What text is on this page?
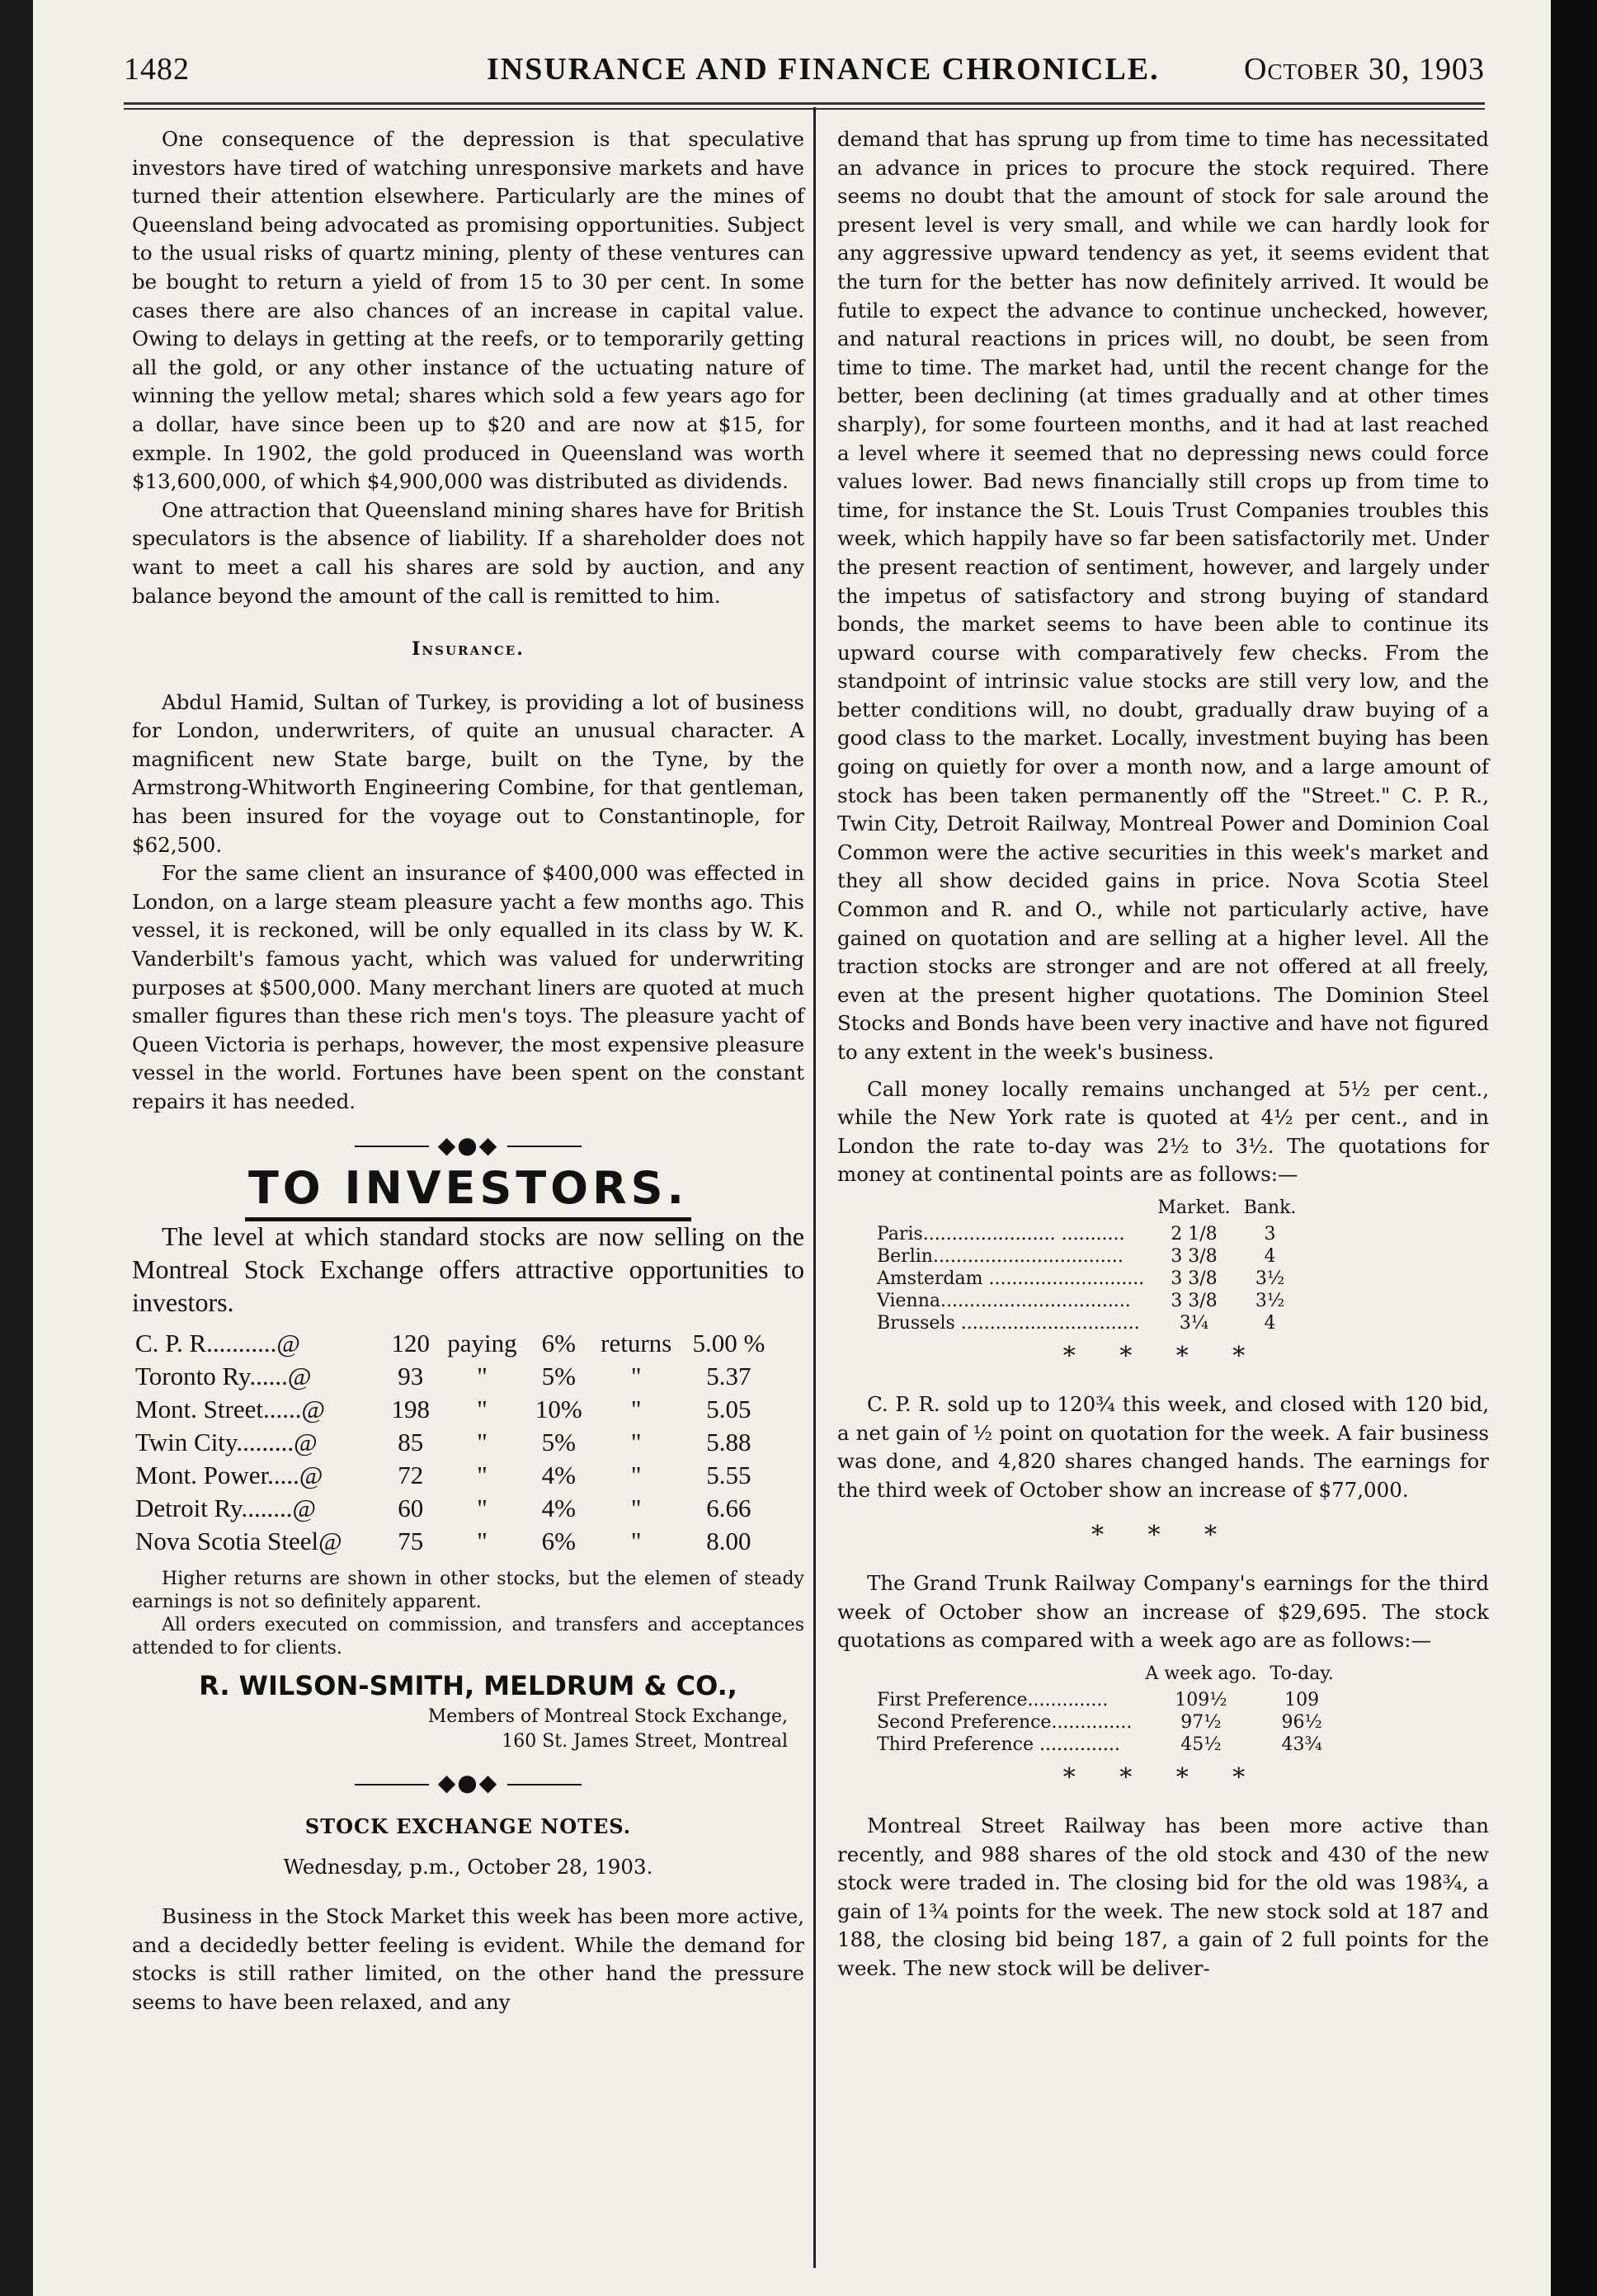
1482	INSURANCE AND FINANCE CHRONICLE.	October 30, 1903

One consequence of the depression is that speculative investors have tired of watching unresponsive markets and have turned their attention elsewhere. Particularly are the mines of Queensland being advocated as promising opportunities. Subject to the usual risks of quartz mining, plenty of these ventures can be bought to return a yield of from 15 to 30 per cent. In some cases there are also chances of an increase in capital value. Owing to delays in getting at the reefs, or to temporarily getting all the gold, or any other instance of the uctuating nature of winning the yellow metal; shares which sold a few years ago for a dollar, have since been up to $20 and are now at $15, for exmple. In 1902, the gold produced in Queensland was worth $13,600,000, of which $4,900,000 was distributed as dividends.

One attraction that Queensland mining shares have for British speculators is the absence of liability. If a shareholder does not want to meet a call his shares are sold by auction, and any balance beyond the amount of the call is remitted to him.

Insurance.

Abdul Hamid, Sultan of Turkey, is providing a lot of business for London, underwriters, of quite an unusual character. A magnificent new State barge, built on the Tyne, by the Armstrong-Whitworth Engineering Combine, for that gentleman, has been insured for the voyage out to Constantinople, for $62,500.

For the same client an insurance of $400,000 was effected in London, on a large steam pleasure yacht a few months ago. This vessel, it is reckoned, will be only equalled in its class by W. K. Vanderbilt's famous yacht, which was valued for underwriting purposes at $500,000. Many merchant liners are quoted at much smaller figures than these rich men's toys. The pleasure yacht of Queen Victoria is perhaps, however, the most expensive pleasure vessel in the world. Fortunes have been spent on the constant repairs it has needed.

◆●◆

TO INVESTORS.

The level at which standard stocks are now selling on the Montreal Stock Exchange offers attractive opportunities to investors.

C. P. R...........@	120	paying	6%	returns	5.00 %
Toronto Ry......@	93	"	5%	"	5.37
Mont. Street......@	198	"	10%	"	5.05
Twin City.........@	85	"	5%	"	5.88
Mont. Power.....@	72	"	4%	"	5.55
Detroit Ry........@	60	"	4%	"	6.66
Nova Scotia Steel@	75	"	6%	"	8.00

Higher returns are shown in other stocks, but the elemen of steady earnings is not so definitely apparent.

All orders executed on commission, and transfers and acceptances attended to for clients.

R. WILSON-SMITH, MELDRUM & CO.,

Members of Montreal Stock Exchange,

160 St. James Street, Montreal

◆●◆

STOCK EXCHANGE NOTES.

Wednesday, p.m., October 28, 1903.

Business in the Stock Market this week has been more active, and a decidedly better feeling is evident. While the demand for stocks is still rather limited, on the other hand the pressure seems to have been relaxed, and any

demand that has sprung up from time to time has necessitated an advance in prices to procure the stock required. There seems no doubt that the amount of stock for sale around the present level is very small, and while we can hardly look for any aggressive upward tendency as yet, it seems evident that the turn for the better has now definitely arrived. It would be futile to expect the advance to continue unchecked, however, and natural reactions in prices will, no doubt, be seen from time to time. The market had, until the recent change for the better, been declining (at times gradually and at other times sharply), for some fourteen months, and it had at last reached a level where it seemed that no depressing news could force values lower. Bad news financially still crops up from time to time, for instance the St. Louis Trust Companies troubles this week, which happily have so far been satisfactorily met. Under the present reaction of sentiment, however, and largely under the impetus of satisfactory and strong buying of standard bonds, the market seems to have been able to continue its upward course with comparatively few checks. From the standpoint of intrinsic value stocks are still very low, and the better conditions will, no doubt, gradually draw buying of a good class to the market. Locally, investment buying has been going on quietly for over a month now, and a large amount of stock has been taken permanently off the "Street." C. P. R., Twin City, Detroit Railway, Montreal Power and Dominion Coal Common were the active securities in this week's market and they all show decided gains in price. Nova Scotia Steel Common and R. and O., while not particularly active, have gained on quotation and are selling at a higher level. All the traction stocks are stronger and are not offered at all freely, even at the present higher quotations. The Dominion Steel Stocks and Bonds have been very inactive and have not figured to any extent in the week's business.

Call money locally remains unchanged at 5½ per cent., while the New York rate is quoted at 4½ per cent., and in London the rate to-day was 2½ to 3½. The quotations for money at continental points are as follows:—

	Market.	Bank.
Paris....................... ...........	2 1/8	3
Berlin.................................	3 3/8	4
Amsterdam ...........................	3 3/8	3½
Vienna.................................	3 3/8	3½
Brussels ...............................	3¼	4

* * * *

C. P. R. sold up to 120¾ this week, and closed with 120 bid, a net gain of ½ point on quotation for the week. A fair business was done, and 4,820 shares changed hands. The earnings for the third week of October show an increase of $77,000.

* * *

The Grand Trunk Railway Company's earnings for the third week of October show an increase of $29,695. The stock quotations as compared with a week ago are as follows:—

	A week ago.	To-day.
First Preference..............	109½	109
Second Preference..............	97½	96½
Third Preference ..............	45½	43¾

* * * *

Montreal Street Railway has been more active than recently, and 988 shares of the old stock and 430 of the new stock were traded in. The closing bid for the old was 198¾, a gain of 1¾ points for the week. The new stock sold at 187 and 188, the closing bid being 187, a gain of 2 full points for the week. The new stock will be deliver-
